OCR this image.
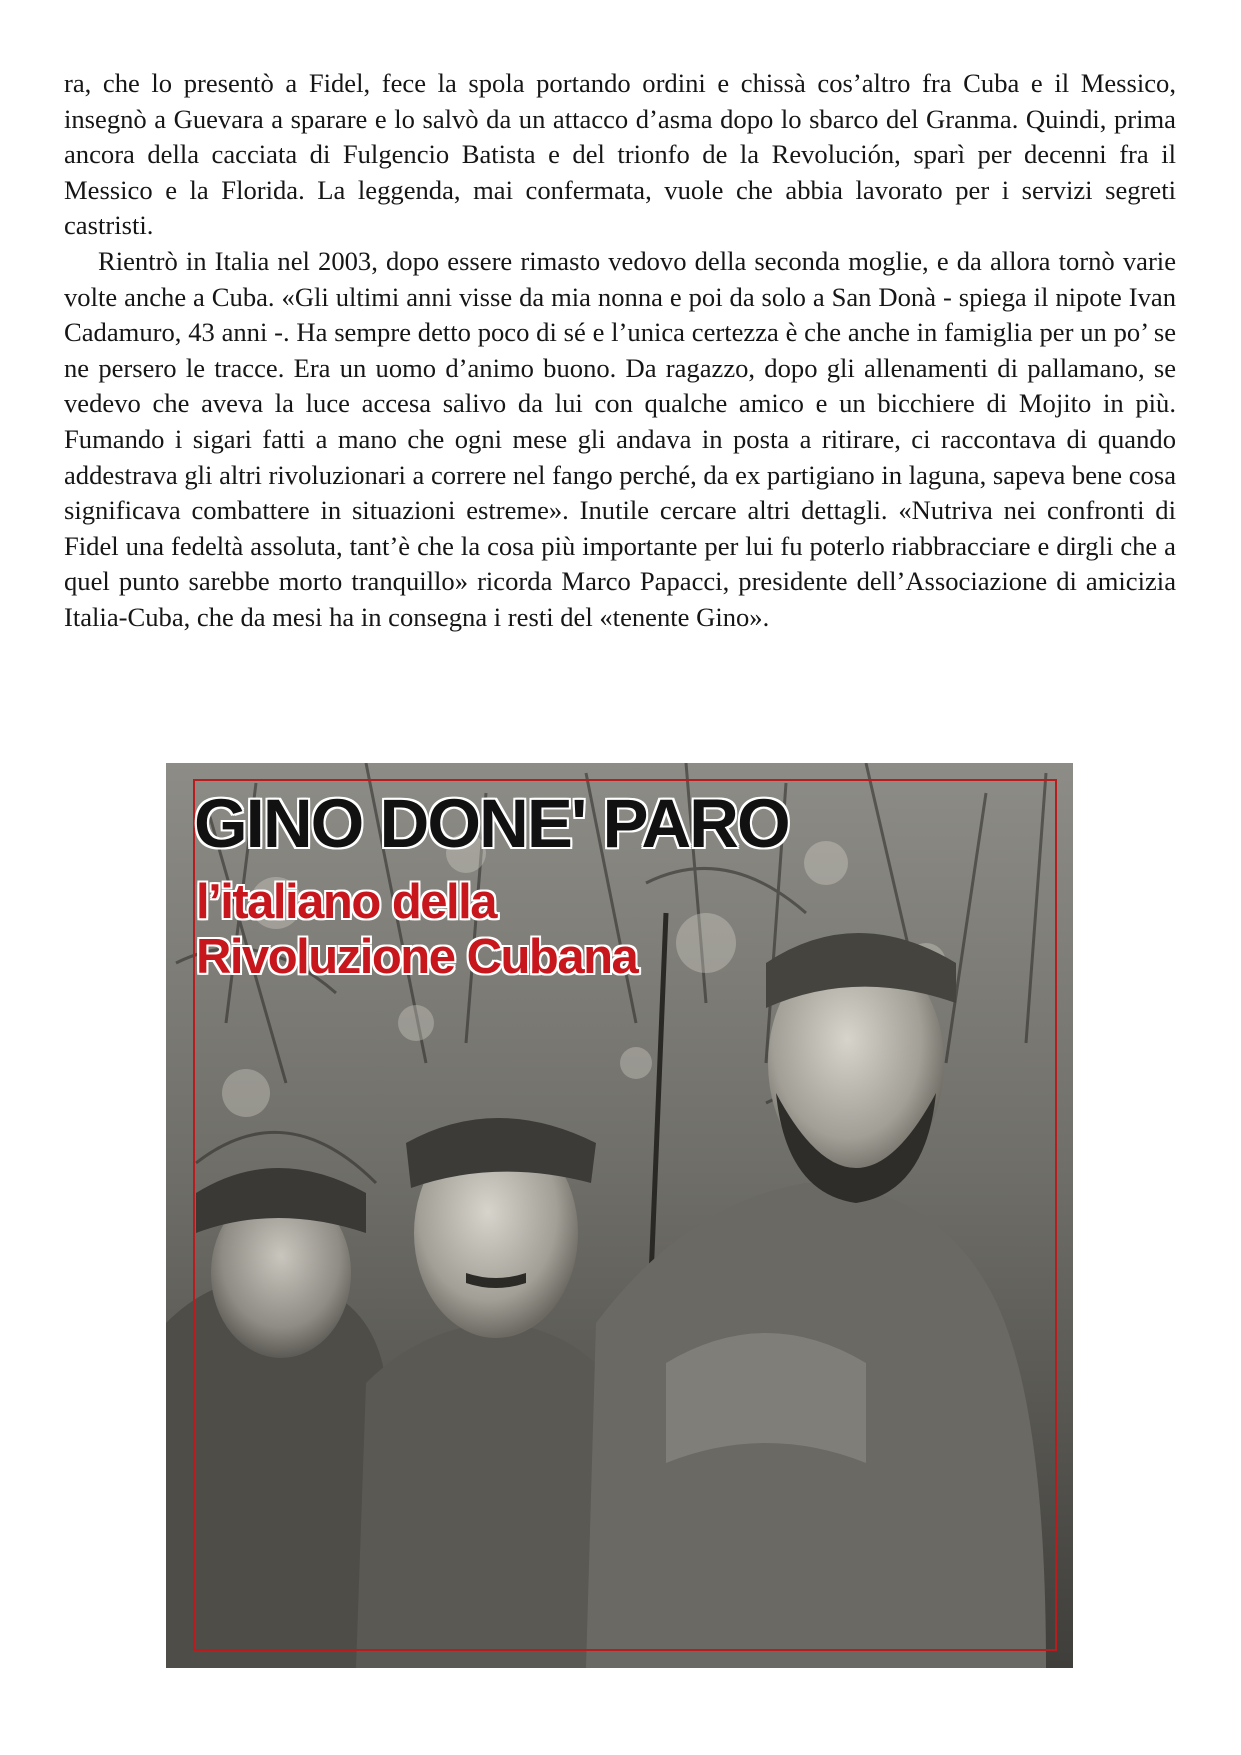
ra, che lo presentò a Fidel, fece la spola portando ordini e chissà cos’altro fra Cuba e il Messico, insegnò a Guevara a sparare e lo salvò da un attacco d’asma dopo lo sbarco del Granma. Quindi, prima ancora della cacciata di Fulgencio Batista e del trionfo de la Revolución, sparì per decenni fra il Messico e la Florida. La leggenda, mai confermata, vuole che abbia lavorato per i servizi segreti castristi.

Rientrò in Italia nel 2003, dopo essere rimasto vedovo della seconda moglie, e da allora tornò varie volte anche a Cuba. «Gli ultimi anni visse da mia nonna e poi da solo a San Donà - spiega il nipote Ivan Cadamuro, 43 anni -. Ha sempre detto poco di sé e l’unica certezza è che anche in famiglia per un po’ se ne persero le tracce. Era un uomo d’animo buono. Da ragazzo, dopo gli allenamenti di pallamano, se vedevo che aveva la luce accesa salivo da lui con qualche amico e un bicchiere di Mojito in più. Fumando i sigari fatti a mano che ogni mese gli andava in posta a ritirare, ci raccontava di quando addestrava gli altri rivoluzionari a correre nel fango perché, da ex partigiano in laguna, sapeva bene cosa significava combattere in situazioni estreme». Inutile cercare altri dettagli. «Nutriva nei confronti di Fidel una fedeltà assoluta, tant’è che la cosa più importante per lui fu poterlo riabbracciare e dirgli che a quel punto sarebbe morto tranquillo» ricorda Marco Papacci, presidente dell’Associazione di amicizia Italia-Cuba, che da mesi ha in consegna i resti del «tenente Gino».

GINO DONE' PARO
l’italiano della
Rivoluzione Cubana
